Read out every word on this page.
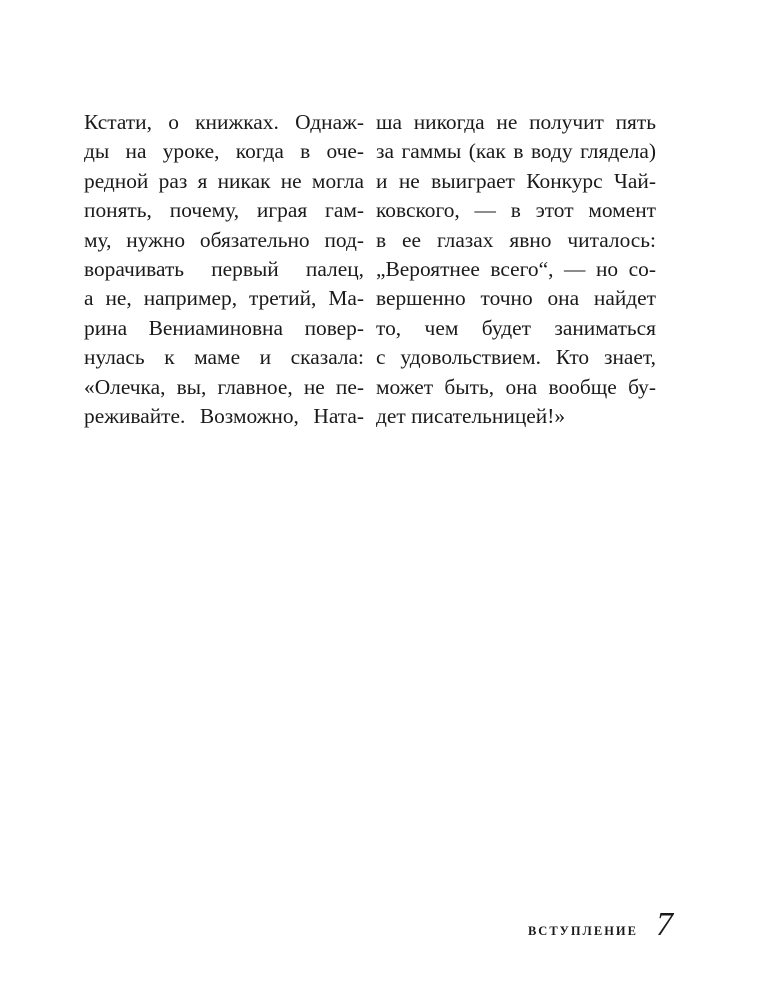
Кстати, о книжках. Однаж-
ды на уроке, когда в оче-
редной раз я никак не могла
понять, почему, играя гам-
му, нужно обязательно под-
ворачивать первый палец,
а не, например, третий, Ма-
рина Вениаминовна повер-
нулась к маме и сказала:
«Олечка, вы, главное, не пе-
реживайте. Возможно, Ната-
ша никогда не получит пять
за гаммы (как в воду глядела)
и не выиграет Конкурс Чай-
ковского, — в этот момент
в ее глазах явно читалось:
„Вероятнее всего“, — но со-
вершенно точно она найдет
то, чем будет заниматься
с удовольствием. Кто знает,
может быть, она вообще бу-
дет писательницей!»
ВСТУПЛЕНИЕ 7
